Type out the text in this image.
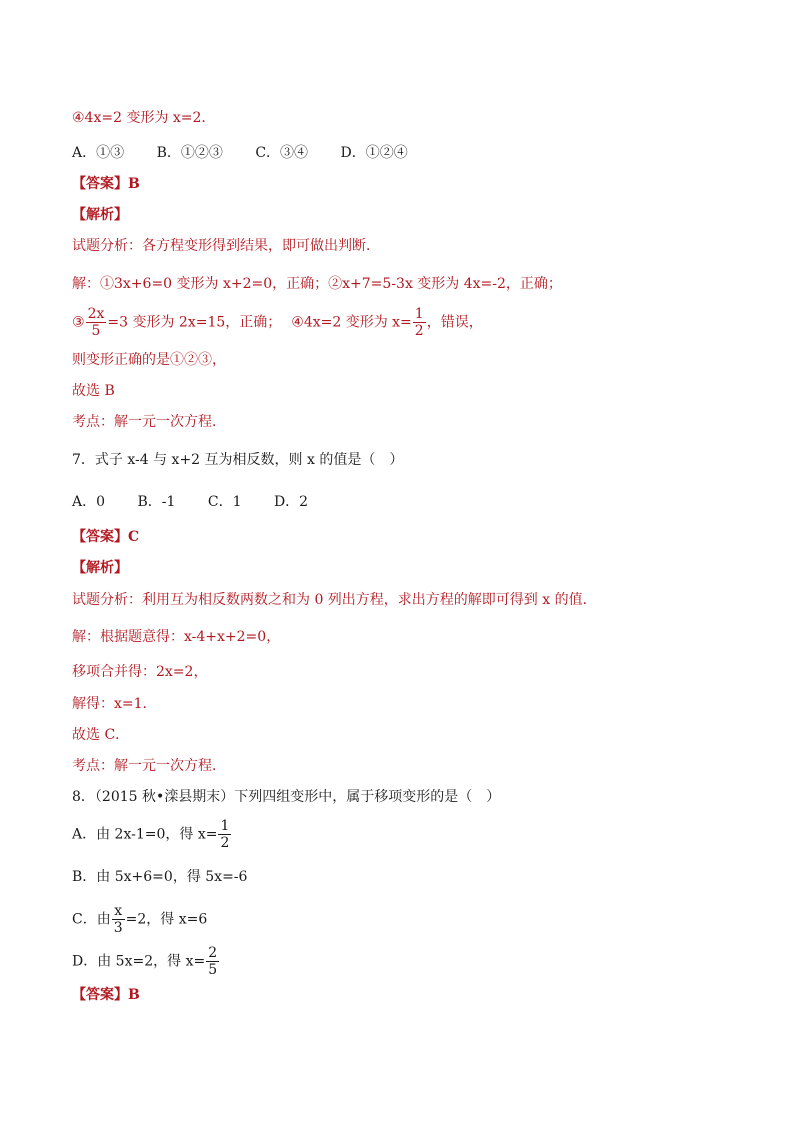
④4x=2 变形为 x=2．
A．①③ B．①②③ C．③④ D．①②④
【答案】B
【解析】
试题分析：各方程变形得到结果，即可做出判断．
解：①3x+6=0 变形为 x+2=0，正确；②x+7=5-3x 变形为 4x=-2，正确；
③ $\frac{2x}{5} =3$ 变形为 2x=15，正确； ④4x=2 变形为 $x= \frac{1}{2}$ ，错误，
则变形正确的是①②③，
故选 B
考点：解一元一次方程．
7．式子 x-4 与 x+2 互为相反数，则 x 的值是（　）
A．0 B．-1 C．1 D．2
【答案】C
【解析】
试题分析：利用互为相反数两数之和为 0 列出方程，求出方程的解即可得到 x 的值．
解：根据题意得：x-4+x+2=0，
移项合并得：2x=2，
解得：x=1．
故选 C．
考点：解一元一次方程．
8．（2015 秋•滦县期末）下列四组变形中，属于移项变形的是（　）
A．由 2x-1=0，得 $x= \frac{1}{2}$
B．由 5x+6=0，得 5x=-6
C．由 $\frac{x}{3} =2$，得 x=6
D．由 5x=2，得 $x= \frac{2}{5}$
【答案】B
